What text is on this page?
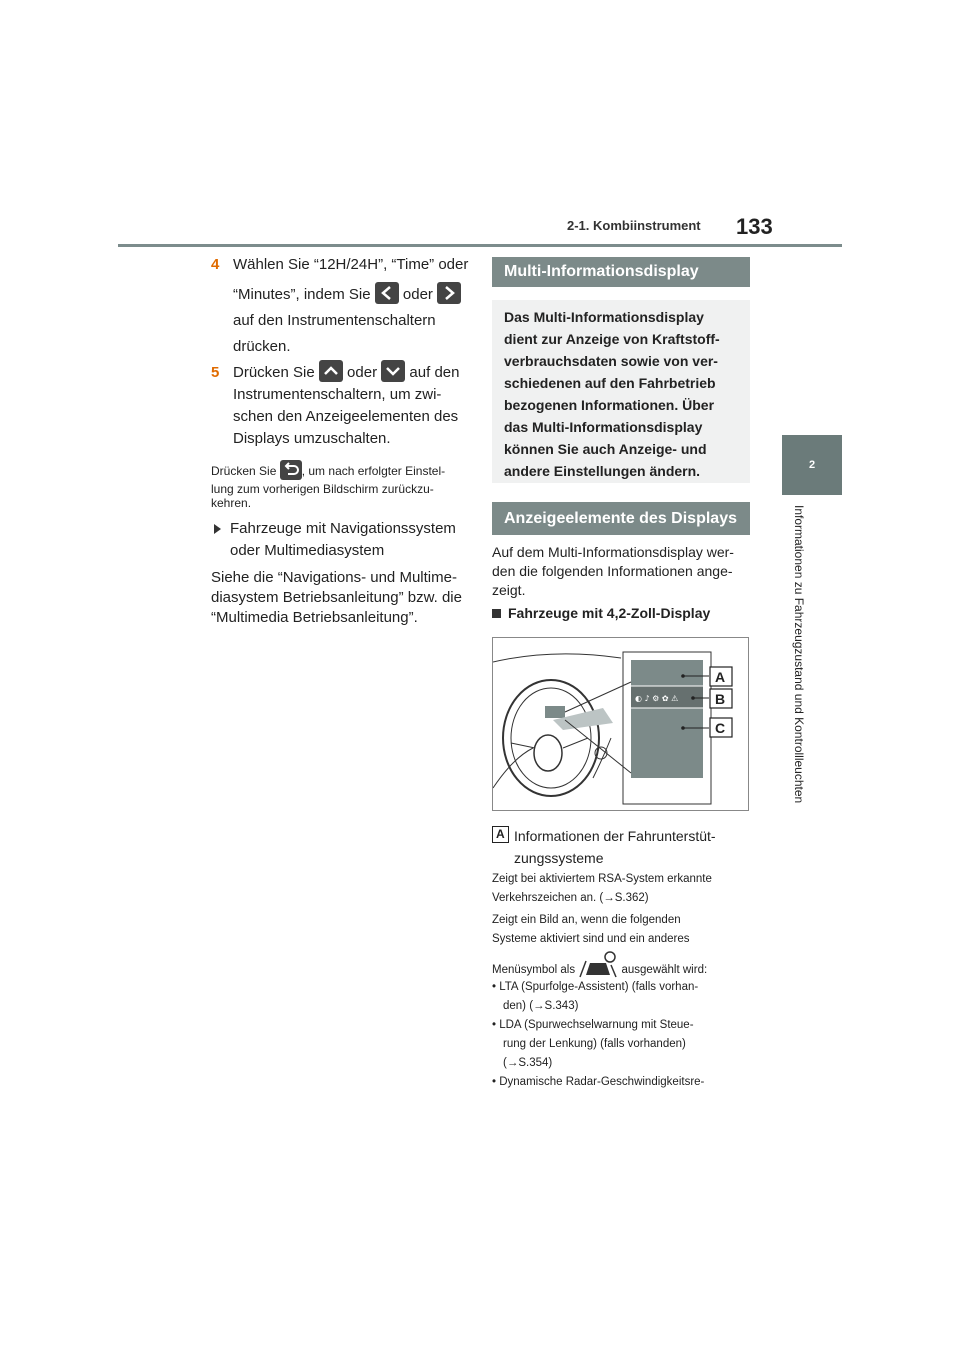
2-1. Kombiinstrument 133
2
Informationen zu Fahrzeugzustand und Kontrollleuchten
4 Wählen Sie “12H/24H”, “Time” oder
“Minutes”, indem Sie oder
auf den Instrumentenschaltern
drücken.
5 Drücken Sie oder auf den
Instrumentenschaltern, um zwi-
schen den Anzeigeelementen des
Displays umzuschalten.
Drücken Sie , um nach erfolgter Einstel-
lung zum vorherigen Bildschirm zurückzu-
kehren.
Fahrzeuge mit Navigationssystem
oder Multimediasystem
Siehe die “Navigations- und Multime-
diasystem Betriebsanleitung” bzw. die
“Multimedia Betriebsanleitung”.
Multi-Informationsdisplay
Das Multi-Informationsdisplay
dient zur Anzeige von Kraftstoff-
verbrauchsdaten sowie von ver-
schiedenen auf den Fahrbetrieb
bezogenen Informationen. Über
das Multi-Informationsdisplay
können Sie auch Anzeige- und
andere Einstellungen ändern.
Anzeigeelemente des Displays
Auf dem Multi-Informationsdisplay wer-
den die folgenden Informationen ange-
zeigt.
Fahrzeuge mit 4,2-Zoll-Display
◐ ♪ ⚙ ✿ ⚠
A
B
C
A Informationen der Fahrunterstüt-
zungssysteme
Zeigt bei aktiviertem RSA-System erkannte
Verkehrszeichen an. (→S.362)
Zeigt ein Bild an, wenn die folgenden
Systeme aktiviert sind und ein anderes
Menüsymbol als	ausgewählt wird:
• LTA (Spurfolge-Assistent) (falls vorhan-
den) (→S.343)
• LDA (Spurwechselwarnung mit Steue-
rung der Lenkung) (falls vorhanden)
(→S.354)
• Dynamische Radar-Geschwindigkeitsre-
